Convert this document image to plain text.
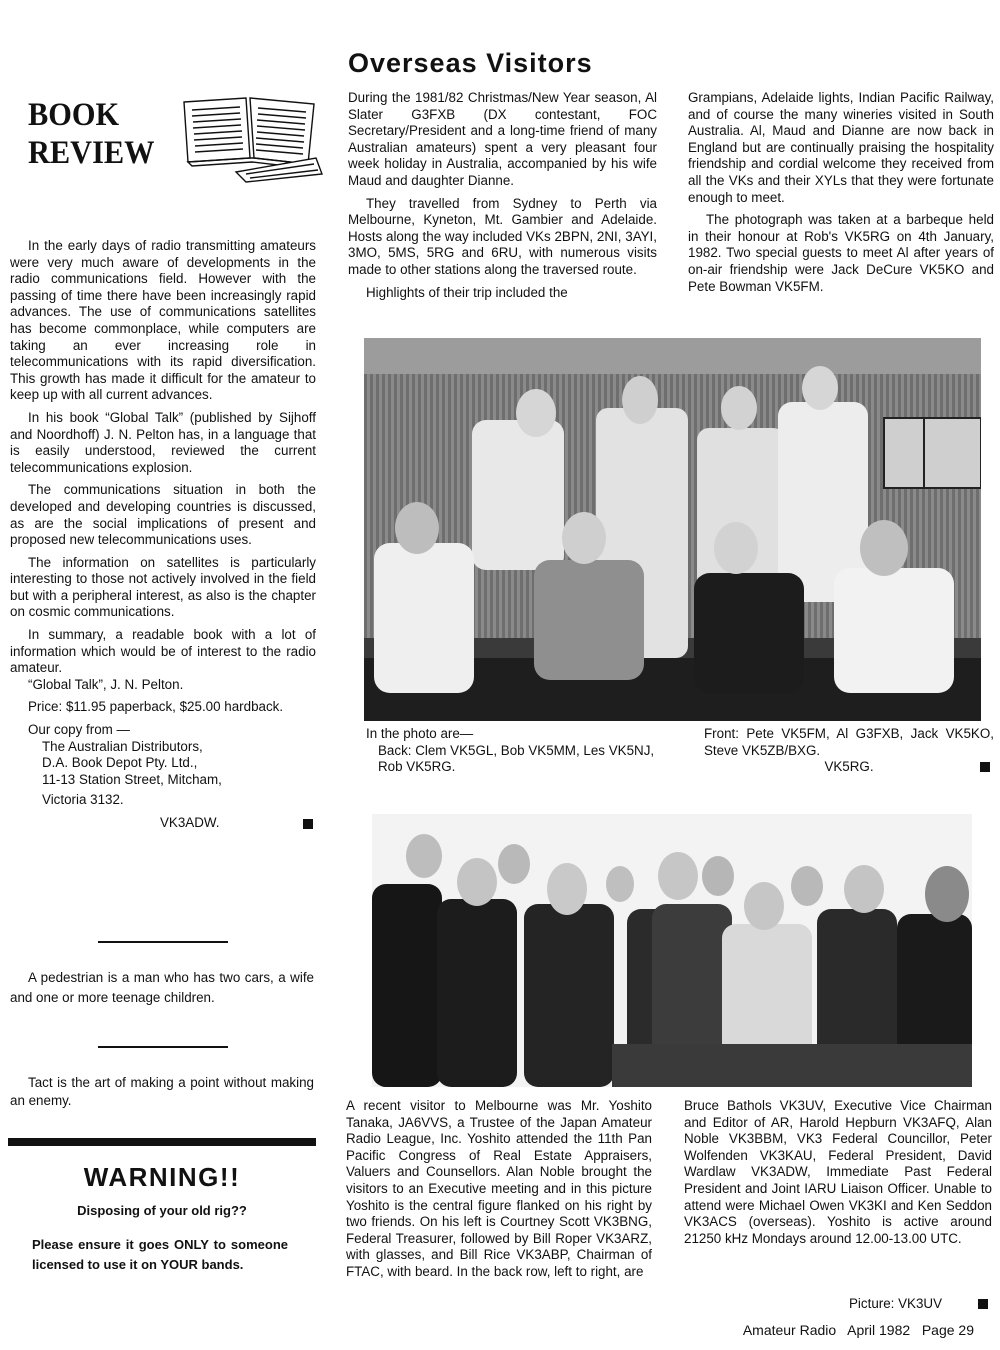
Overseas Visitors
BOOK
REVIEW

In the early days of radio transmitting amateurs were very much aware of developments in the radio communications field. However with the passing of time there have been increasingly rapid advances. The use of communications satellites has become commonplace, while computers are taking an ever increasing role in telecommunications with its rapid diversification. This growth has made it difficult for the amateur to keep up with all current advances.

In his book “Global Talk” (published by Sijhoff and Noordhoff) J. N. Pelton has, in a language that is easily understood, reviewed the current telecommunications explosion.

The communications situation in both the developed and developing countries is discussed, as are the social implications of present and proposed new telecommunications uses.

The information on satellites is particularly interesting to those not actively involved in the field but with a peripheral interest, as also is the chapter on cosmic communications.

In summary, a readable book with a lot of information which would be of interest to the radio amateur.

“Global Talk”, J. N. Pelton.

Price: $11.95 paperback, $25.00 hardback.

Our copy from —

The Australian Distributors,
D.A. Book Depot Pty. Ltd.,
11-13 Station Street, Mitcham,
Victoria 3132.
VK3ADW.

A pedestrian is a man who has two cars, a wife and one or more teenage children.

Tact is the art of making a point without making an enemy.

WARNING!!
Disposing of your old rig??
Please ensure it goes ONLY to someone licensed to use it on YOUR bands.

During the 1981/82 Christmas/New Year season, Al Slater G3FXB (DX contestant, FOC Secretary/President and a long-time friend of many Australian amateurs) spent a very pleasant four week holiday in Australia, accompanied by his wife Maud and daughter Dianne.

They travelled from Sydney to Perth via Melbourne, Kyneton, Mt. Gambier and Adelaide. Hosts along the way included VKs 2BPN, 2NI, 3AYI, 3MO, 5MS, 5RG and 6RU, with numerous visits made to other stations along the traversed route.

Highlights of their trip included the

Grampians, Adelaide lights, Indian Pacific Railway, and of course the many wineries visited in South Australia. Al, Maud and Dianne are now back in England but are continually praising the hospitality friendship and cordial welcome they received from all the VKs and their XYLs that they were fortunate enough to meet.

The photograph was taken at a barbeque held in their honour at Rob's VK5RG on 4th January, 1982. Two special guests to meet Al after years of on-air friendship were Jack DeCure VK5KO and Pete Bowman VK5FM.

In the photo are—
Back: Clem VK5GL, Bob VK5MM, Les VK5NJ, Rob VK5RG.
Front: Pete VK5FM, Al G3FXB, Jack VK5KO, Steve VK5ZB/BXG.
VK5RG.

A recent visitor to Melbourne was Mr. Yoshito Tanaka, JA6VVS, a Trustee of the Japan Amateur Radio League, Inc. Yoshito attended the 11th Pan Pacific Congress of Real Estate Appraisers, Valuers and Counsellors. Alan Noble brought the visitors to an Executive meeting and in this picture Yoshito is the central figure flanked on his right by two friends. On his left is Courtney Scott VK3BNG, Federal Treasurer, followed by Bill Roper VK3ARZ, with glasses, and Bill Rice VK3ABP, Chairman of FTAC, with beard. In the back row, left to right, are

Bruce Bathols VK3UV, Executive Vice Chairman and Editor of AR, Harold Hepburn VK3AFQ, Alan Noble VK3BBM, VK3 Federal Councillor, Peter Wolfenden VK3KAU, Federal President, David Wardlaw VK3ADW, Immediate Past Federal President and Joint IARU Liaison Officer. Unable to attend were Michael Owen VK3KI and Ken Seddon VK3ACS (overseas). Yoshito is active around 21250 kHz Mondays around 12.00-13.00 UTC.

Picture: VK3UV
Amateur Radio April 1982 Page 29
